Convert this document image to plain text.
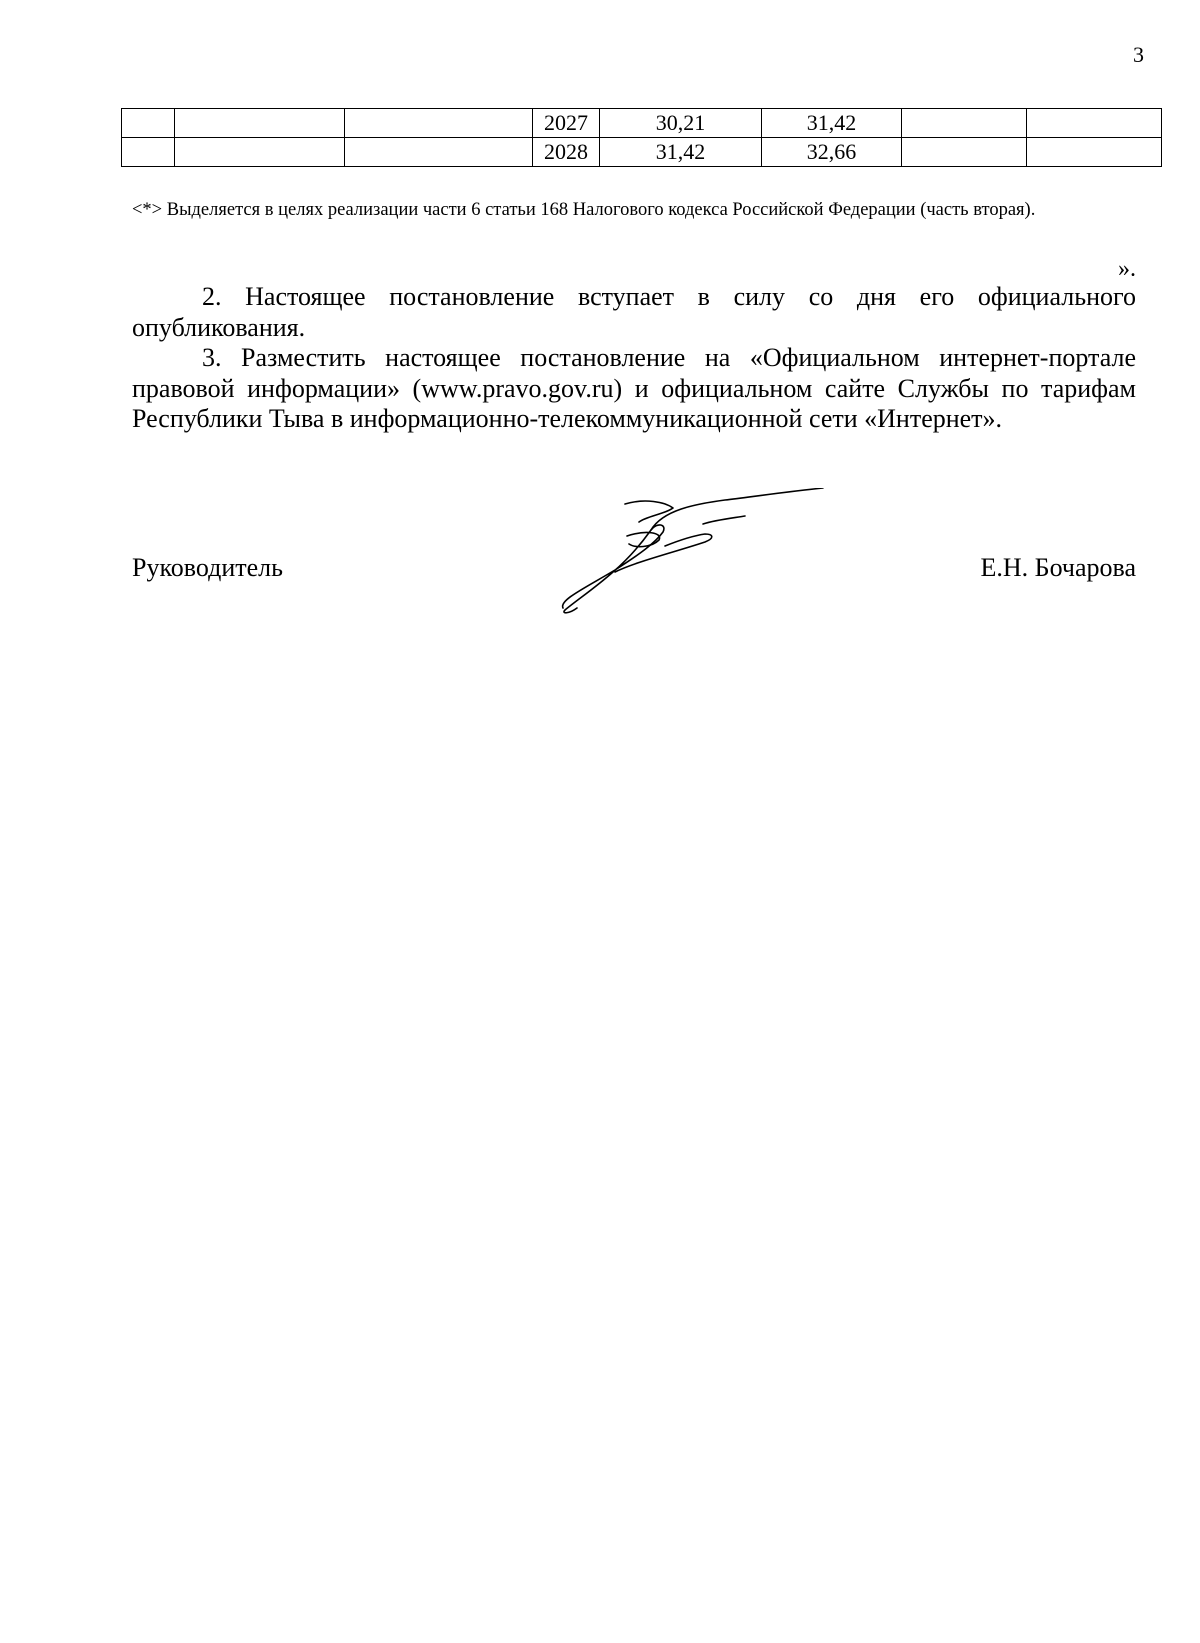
3
			2027	30,21	31,42		
			2028	31,42	32,66		
<*> Выделяется в целях реализации части 6 статьи 168 Налогового кодекса Российской Федерации (часть вторая).
».

2. Настоящее постановление вступает в силу со дня его официального опубликования.

3. Разместить настоящее постановление на «Официальном интернет-портале правовой информации» (www.pravo.gov.ru) и официальном сайте Службы по тарифам Республики Тыва в информационно-телекоммуникационной сети «Интернет».

Руководитель	Е.Н. Бочарова
